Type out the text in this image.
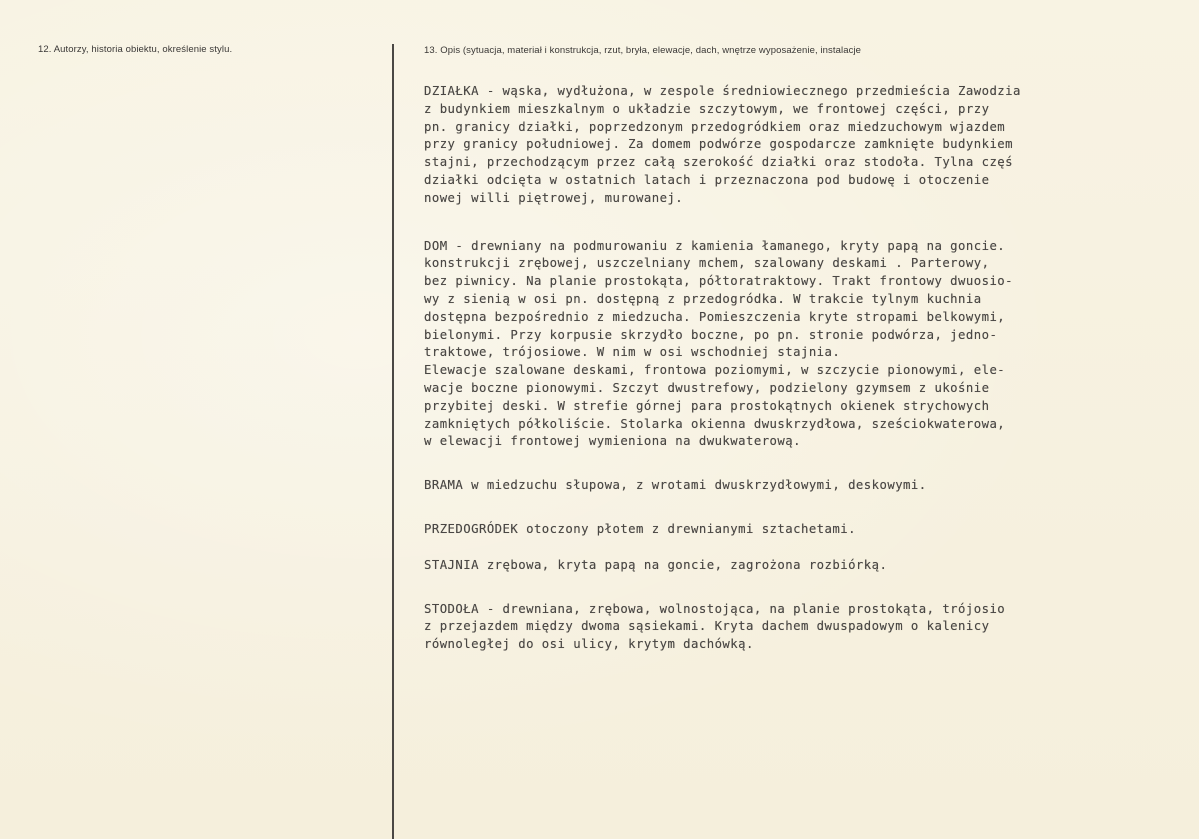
12. Autorzy, historia obiektu, określenie stylu.	13. Opis (sytuacja, materiał i konstrukcja, rzut, bryła, elewacje, dach, wnętrze wyposażenie, instalacje

DZIAŁKA - wąska, wydłużona, w zespole średniowiecznego przedmieścia Zawodzia

z budynkiem mieszkalnym o układzie szczytowym, we frontowej części, przy

pn. granicy działki, poprzedzonym przedogródkiem oraz miedzuchowym wjazdem

przy granicy południowej. Za domem podwórze gospodarcze zamknięte budynkiem

stajni, przechodzącym przez całą szerokość działki oraz stodoła. Tylna częś

działki odcięta w ostatnich latach i przeznaczona pod budowę i otoczenie

nowej willi piętrowej, murowanej.

DOM - drewniany na podmurowaniu z kamienia łamanego, kryty papą na goncie.

konstrukcji zrębowej, uszczelniany mchem, szalowany deskami . Parterowy,

bez piwnicy. Na planie prostokąta, półtoratraktowy. Trakt frontowy dwuosio-

wy z sienią w osi pn. dostępną z przedogródka. W trakcie tylnym kuchnia

dostępna bezpośrednio z miedzucha. Pomieszczenia kryte stropami belkowymi,

bielonymi. Przy korpusie skrzydło boczne, po pn. stronie podwórza, jedno-

traktowe, trójosiowe. W nim w osi wschodniej stajnia.

Elewacje szalowane deskami, frontowa poziomymi, w szczycie pionowymi, ele-

wacje boczne pionowymi. Szczyt dwustrefowy, podzielony gzymsem z ukośnie

przybitej deski. W strefie górnej para prostokątnych okienek strychowych

zamkniętych półkoliście. Stolarka okienna dwuskrzydłowa, sześciokwaterowa,

w elewacji frontowej wymieniona na dwukwaterową.

BRAMA w miedzuchu słupowa, z wrotami dwuskrzydłowymi, deskowymi.

PRZEDOGRÓDEK otoczony płotem z drewnianymi sztachetami.

STAJNIA zrębowa, kryta papą na goncie, zagrożona rozbiórką.

STODOŁA - drewniana, zrębowa, wolnostojąca, na planie prostokąta, trójosio

z przejazdem między dwoma sąsiekami. Kryta dachem dwuspadowym o kalenicy

równoległej do osi ulicy, krytym dachówką.
